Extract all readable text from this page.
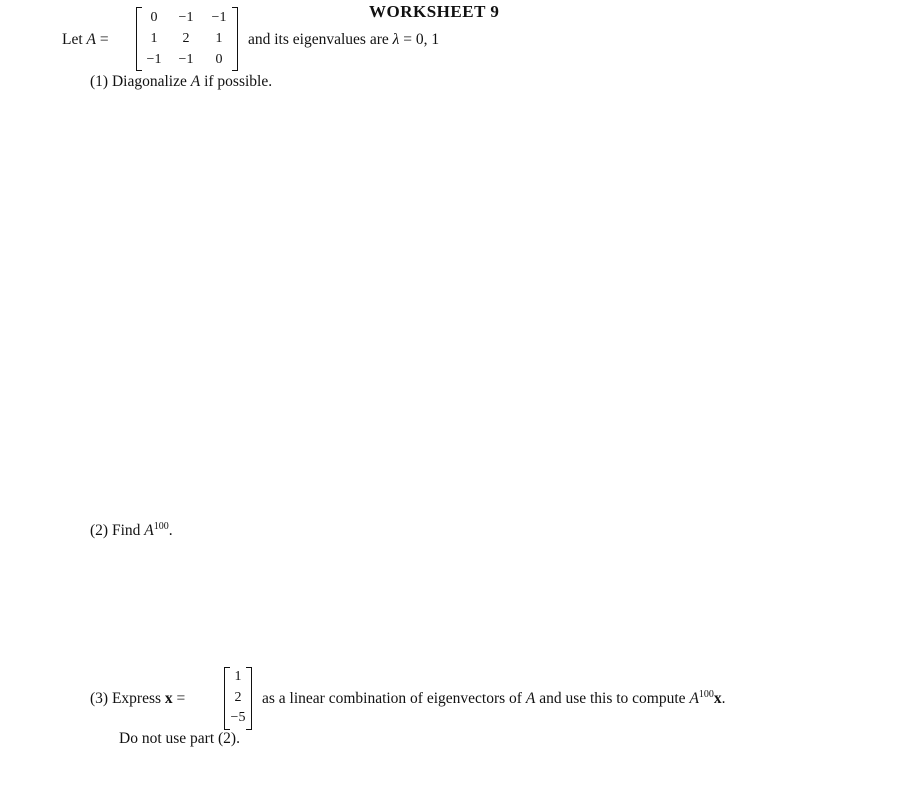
WORKSHEET 9
Let A =
0	−1	−1
1	2	1
−1	−1	0
and its eigenvalues are λ = 0, 1
(1) Diagonalize A if possible.
(2) Find $A^{100}$.
(3) Express x =
1
2
−5
as a linear combination of eigenvectors of A and use this to compute $A^{100}x$.
Do not use part (2).
